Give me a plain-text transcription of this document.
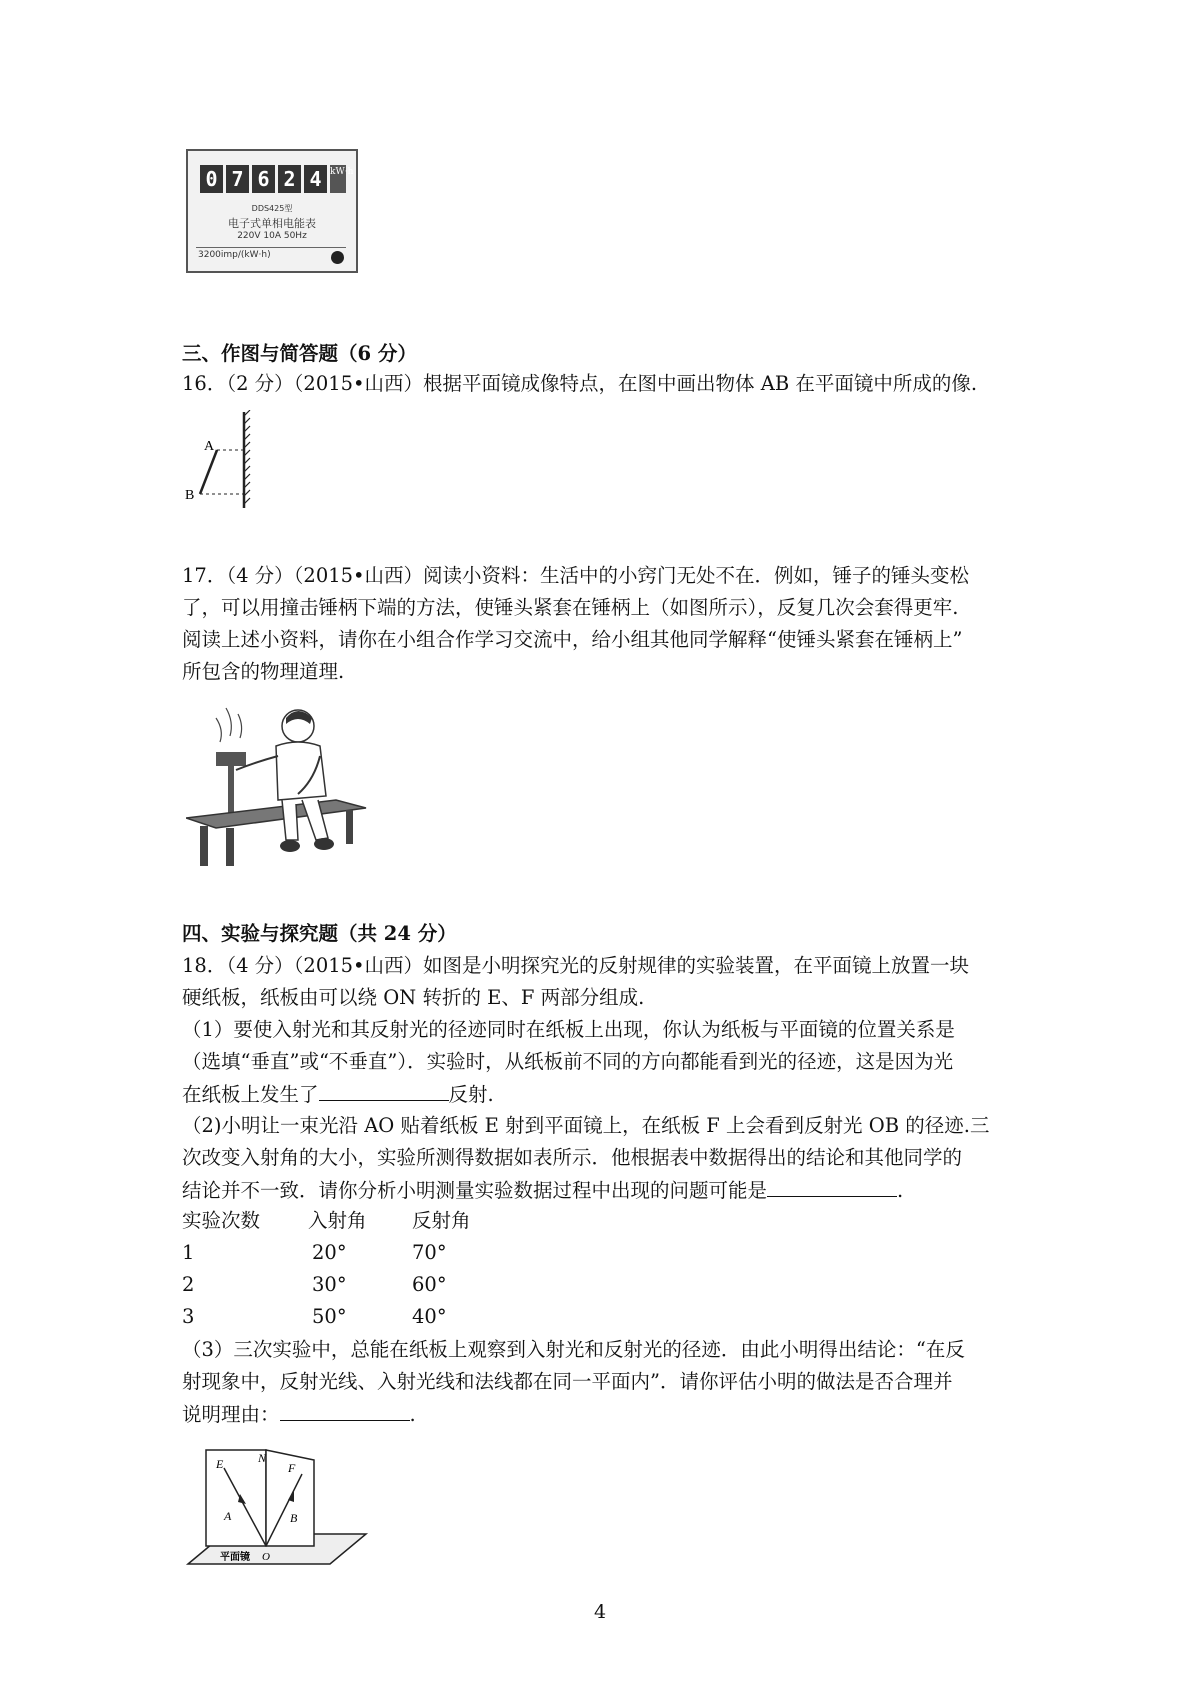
0 7 6 2 4 kW·h
DDS425型
电子式单相电能表
220V 10A 50Hz
3200imp/(kW·h)
三、作图与简答题（6 分）
16．（2 分）（2015•山西）根据平面镜成像特点，在图中画出物体 AB 在平面镜中所成的像.
A
B
17．（4 分）（2015•山西）阅读小资料：生活中的小窍门无处不在．例如，锤子的锤头变松
了，可以用撞击锤柄下端的方法，使锤头紧套在锤柄上（如图所示），反复几次会套得更牢.
阅读上述小资料，请你在小组合作学习交流中，给小组其他同学解释“使锤头紧套在锤柄上”
所包含的物理道理.
四、实验与探究题（共 24 分）
18．（4 分）（2015•山西）如图是小明探究光的反射规律的实验装置，在平面镜上放置一块
硬纸板，纸板由可以绕 ON 转折的 E、F 两部分组成.
（1）要使入射光和其反射光的径迹同时在纸板上出现，你认为纸板与平面镜的位置关系是
（选填“垂直”或“不垂直”）．实验时，从纸板前不同的方向都能看到光的径迹，这是因为光
在纸板上发生了	反射.
（2)小明让一束光沿 AO 贴着纸板 E 射到平面镜上，在纸板 F 上会看到反射光 OB 的径迹.三
次改变入射角的大小，实验所测得数据如表所示．他根据表中数据得出的结论和其他同学的
结论并不一致．请你分析小明测量实验数据过程中出现的问题可能是	.
实验次数 入射角 反射角
1	20°	70°
2	30°	60°
3	50°	40°
（3）三次实验中，总能在纸板上观察到入射光和反射光的径迹．由此小明得出结论：“在反
射现象中，反射光线、入射光线和法线都在同一平面内”．请你评估小明的做法是否合理并
说明理由：	.
E	N
F
A	B
O
平面镜
4
